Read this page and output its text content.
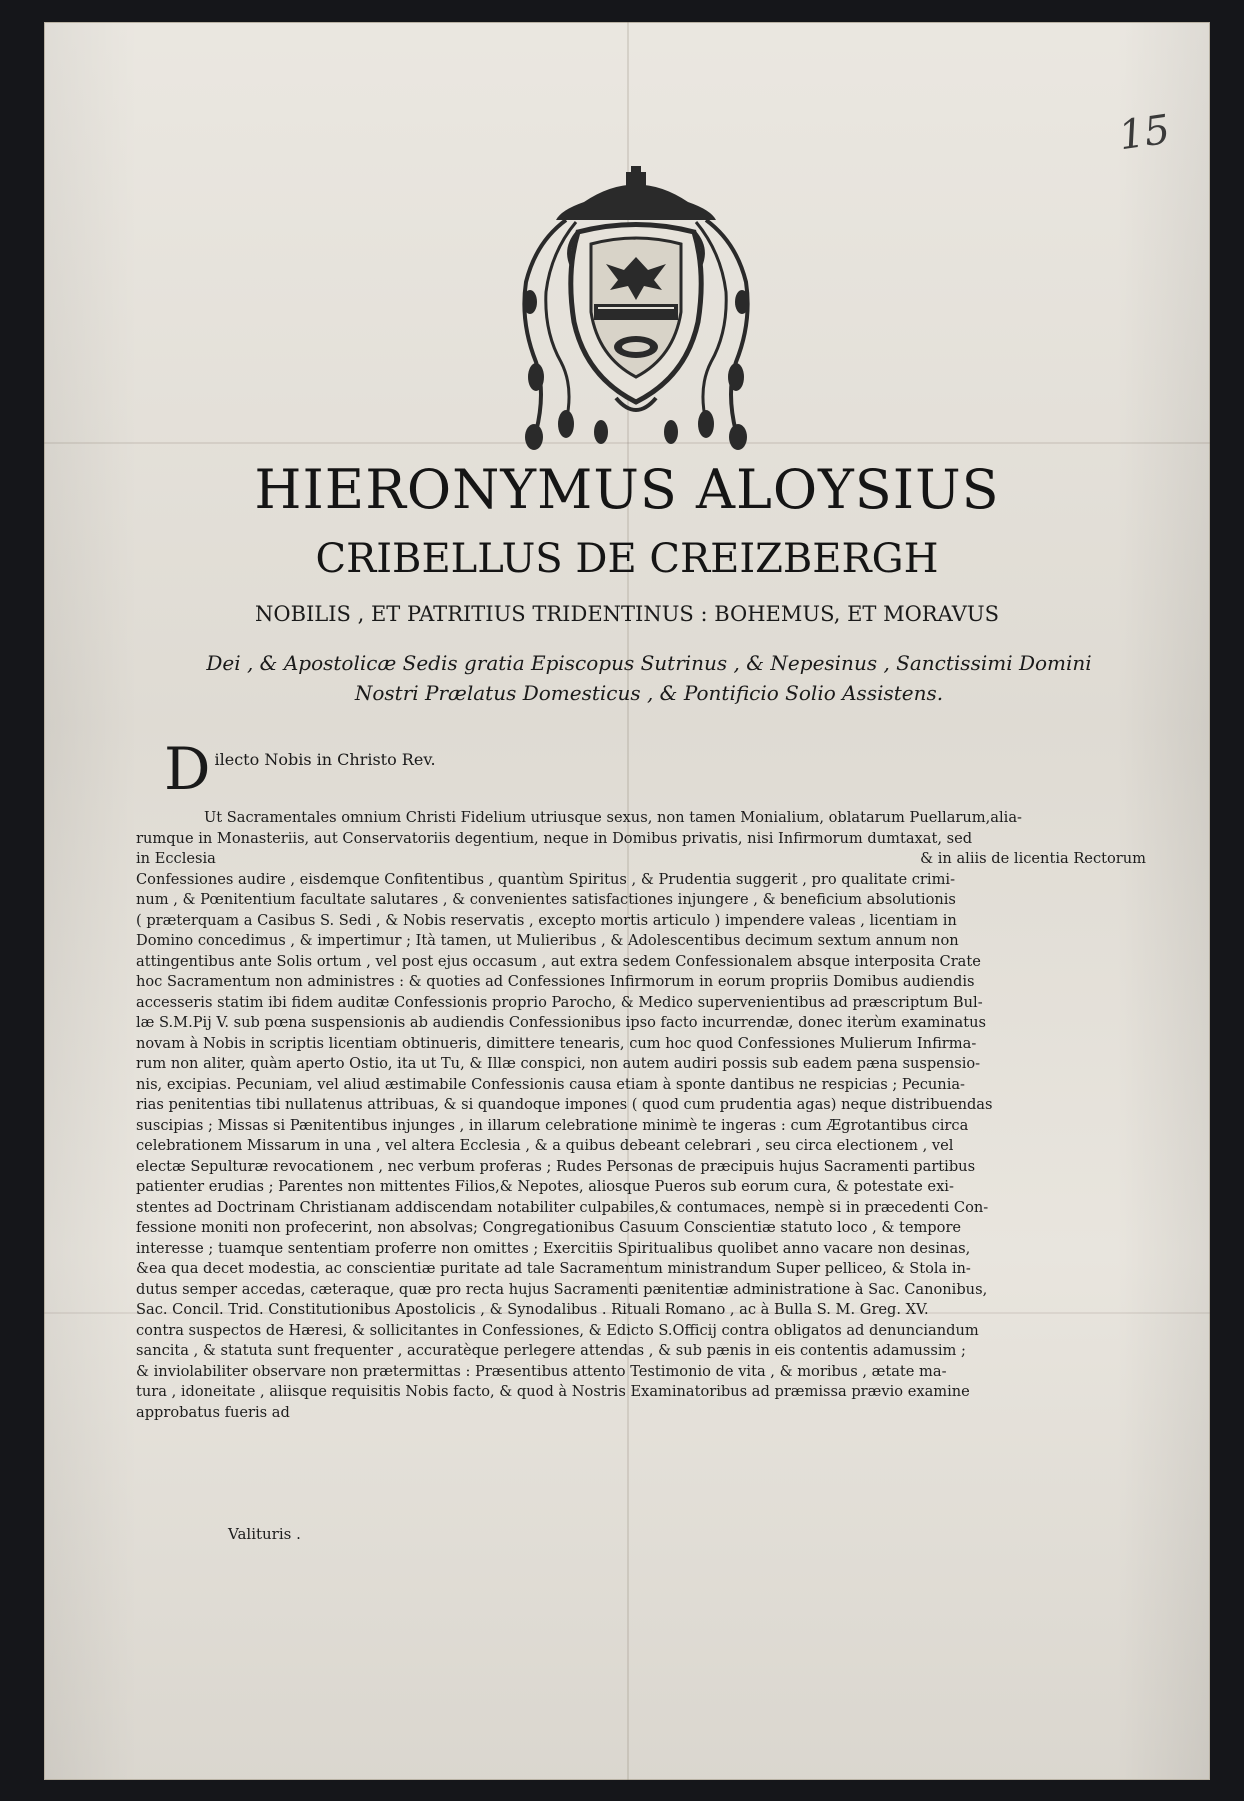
15
HIERONYMUS ALOYSIUS
CRIBELLUS DE CREIZBERGH
NOBILIS , ET PATRITIUS TRIDENTINUS : BOHEMUS, ET MORAVUS
Dei , & Apostolicæ Sedis gratia Episcopus Sutrinus , & Nepesinus , Sanctissimi Domini
Nostri Prælatus Domesticus , & Pontificio Solio Assistens.
D ilecto Nobis in Christo Rev.
Ut Sacramentales omnium Christi Fidelium utriusque sexus, non tamen Monialium, oblatarum Puellarum,alia-
rumque in Monasteriis, aut Conservatoriis degentium, neque in Domibus privatis, nisi Infirmorum dumtaxat, sed
in Ecclesia	& in aliis de licentia Rectorum
Confessiones audire , eisdemque Confitentibus , quantùm Spiritus , & Prudentia suggerit , pro qualitate crimi-
num , & Pœnitentium facultate salutares , & convenientes satisfactiones injungere , & beneficium absolutionis
( præterquam a Casibus S. Sedi , & Nobis reservatis , excepto mortis articulo ) impendere valeas , licentiam in
Domino concedimus , & impertimur ; Ità tamen, ut Mulieribus , & Adolescentibus decimum sextum annum non
attingentibus ante Solis ortum , vel post ejus occasum , aut extra sedem Confessionalem absque interposita Crate
hoc Sacramentum non administres : & quoties ad Confessiones Infirmorum in eorum propriis Domibus audiendis
accesseris statim ibi fidem auditæ Confessionis proprio Parocho, & Medico supervenientibus ad præscriptum Bul-
læ S.M.Pij V. sub pœna suspensionis ab audiendis Confessionibus ipso facto incurrendæ, donec iterùm examinatus
novam à Nobis in scriptis licentiam obtinueris, dimittere tenearis, cum hoc quod Confessiones Mulierum Infirma-
rum non aliter, quàm aperto Ostio, ita ut Tu, & Illæ conspici, non autem audiri possis sub eadem pæna suspensio-
nis, excipias. Pecuniam, vel aliud æstimabile Confessionis causa etiam à sponte dantibus ne respicias ; Pecunia-
rias penitentias tibi nullatenus attribuas, & si quandoque impones ( quod cum prudentia agas) neque distribuendas
suscipias ; Missas si Pænitentibus injunges , in illarum celebratione minimè te ingeras : cum Ægrotantibus circa
celebrationem Missarum in una , vel altera Ecclesia , & a quibus debeant celebrari , seu circa electionem , vel
electæ Sepulturæ revocationem , nec verbum proferas ; Rudes Personas de præcipuis hujus Sacramenti partibus
patienter erudias ; Parentes non mittentes Filios,& Nepotes, aliosque Pueros sub eorum cura, & potestate exi-
stentes ad Doctrinam Christianam addiscendam notabiliter culpabiles,& contumaces, nempè si in præcedenti Con-
fessione moniti non profecerint, non absolvas; Congregationibus Casuum Conscientiæ statuto loco , & tempore
interesse ; tuamque sententiam proferre non omittes ; Exercitiis Spiritualibus quolibet anno vacare non desinas,
&ea qua decet modestia, ac conscientiæ puritate ad tale Sacramentum ministrandum Super pelliceo, & Stola in-
dutus semper accedas, cæteraque, quæ pro recta hujus Sacramenti pænitentiæ administratione à Sac. Canonibus,
Sac. Concil. Trid. Constitutionibus Apostolicis , & Synodalibus . Rituali Romano , ac à Bulla S. M. Greg. XV.
contra suspectos de Hæresi, & sollicitantes in Confessiones, & Edicto S.Officij contra obligatos ad denunciandum
sancita , & statuta sunt frequenter , accuratèque perlegere attendas , & sub pænis in eis contentis adamussim ;
& inviolabiliter observare non prætermittas : Præsentibus attento Testimonio de vita , & moribus , ætate ma-
tura , idoneitate , aliisque requisitis Nobis facto, & quod à Nostris Examinatoribus ad præmissa prævio examine
approbatus fueris ad
Valituris .
